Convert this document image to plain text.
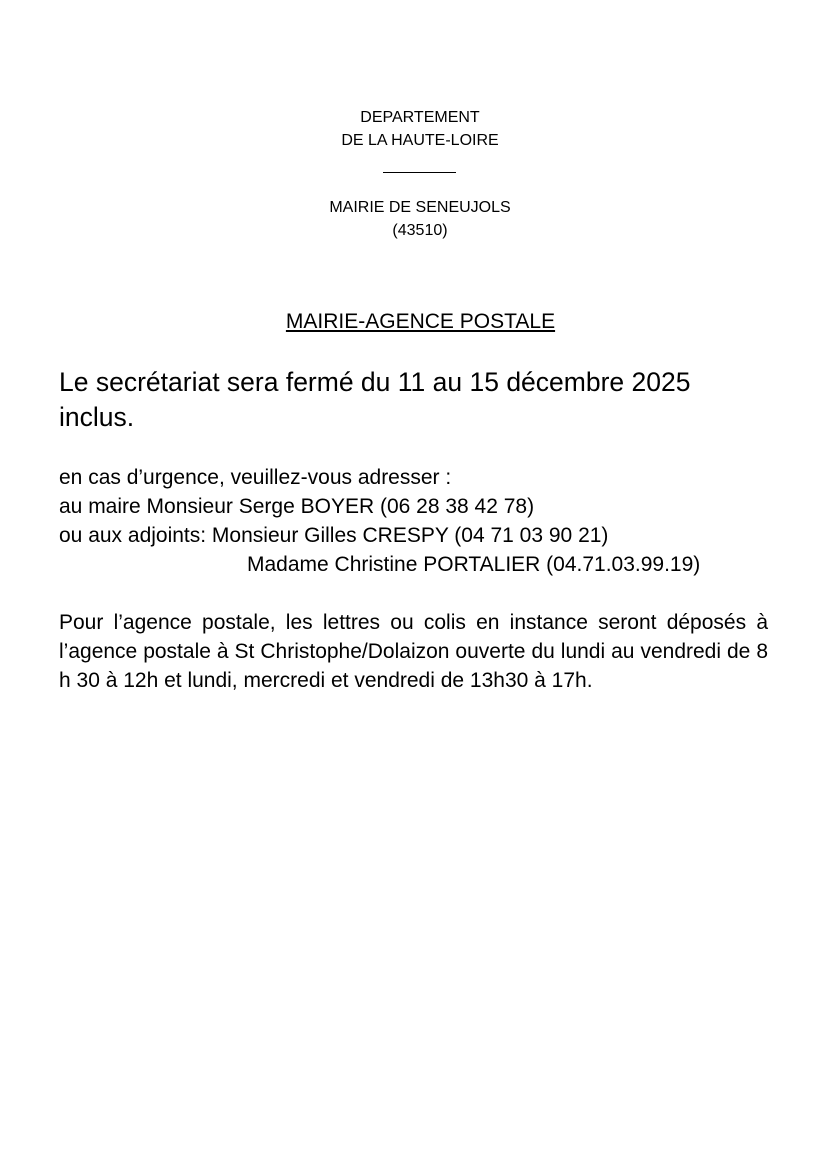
DEPARTEMENT
DE LA HAUTE-LOIRE
MAIRIE DE SENEUJOLS
(43510)
MAIRIE-AGENCE POSTALE
Le secrétariat sera fermé du 11 au 15 décembre 2025 inclus.
en cas d’urgence, veuillez-vous adresser :
au maire Monsieur Serge BOYER (06 28 38 42 78)
ou aux adjoints: Monsieur Gilles CRESPY (04 71 03 90 21)
Madame Christine PORTALIER (04.71.03.99.19)
Pour l’agence postale, les lettres ou colis en instance seront déposés à l’agence postale à St Christophe/Dolaizon ouverte du lundi au vendredi de 8 h 30 à 12h et lundi, mercredi et vendredi de 13h30 à 17h.
